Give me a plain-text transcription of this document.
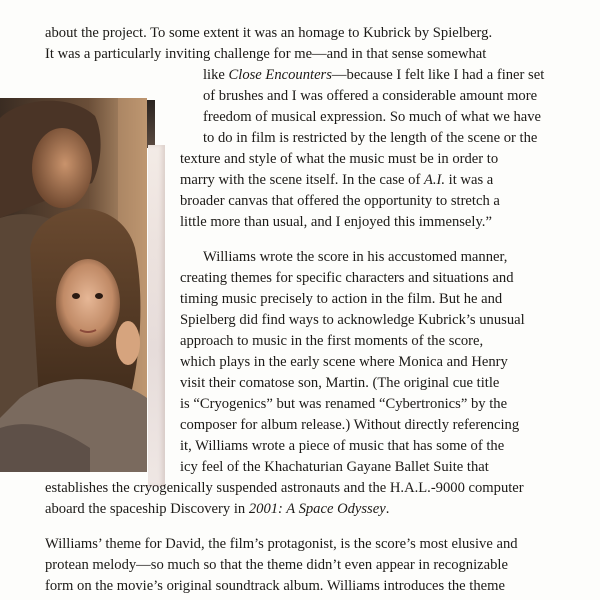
about the project. To some extent it was an homage to Kubrick by Spielberg.
It was a particularly inviting challenge for me—and in that sense somewhat
like Close Encounters—because I felt like I had a finer set
of brushes and I was offered a considerable amount more
freedom of musical expression. So much of what we have
to do in film is restricted by the length of the scene or the
texture and style of what the music must be in order to
marry with the scene itself. In the case of A.I. it was a
broader canvas that offered the opportunity to stretch a
little more than usual, and I enjoyed this immensely.”
Williams wrote the score in his accustomed manner,
creating themes for specific characters and situations and
timing music precisely to action in the film. But he and
Spielberg did find ways to acknowledge Kubrick’s unusual
approach to music in the first moments of the score,
which plays in the early scene where Monica and Henry
visit their comatose son, Martin. (The original cue title
is “Cryogenics” but was renamed “Cybertronics” by the
composer for album release.) Without directly referencing
it, Williams wrote a piece of music that has some of the
icy feel of the Khachaturian Gayane Ballet Suite that
establishes the cryogenically suspended astronauts and the H.A.L.-9000 computer
aboard the spaceship Discovery in 2001: A Space Odyssey.
Williams’ theme for David, the film’s protagonist, is the score’s most elusive and
protean melody—so much so that the theme didn’t even appear in recognizable
form on the movie’s original soundtrack album. Williams introduces the theme
